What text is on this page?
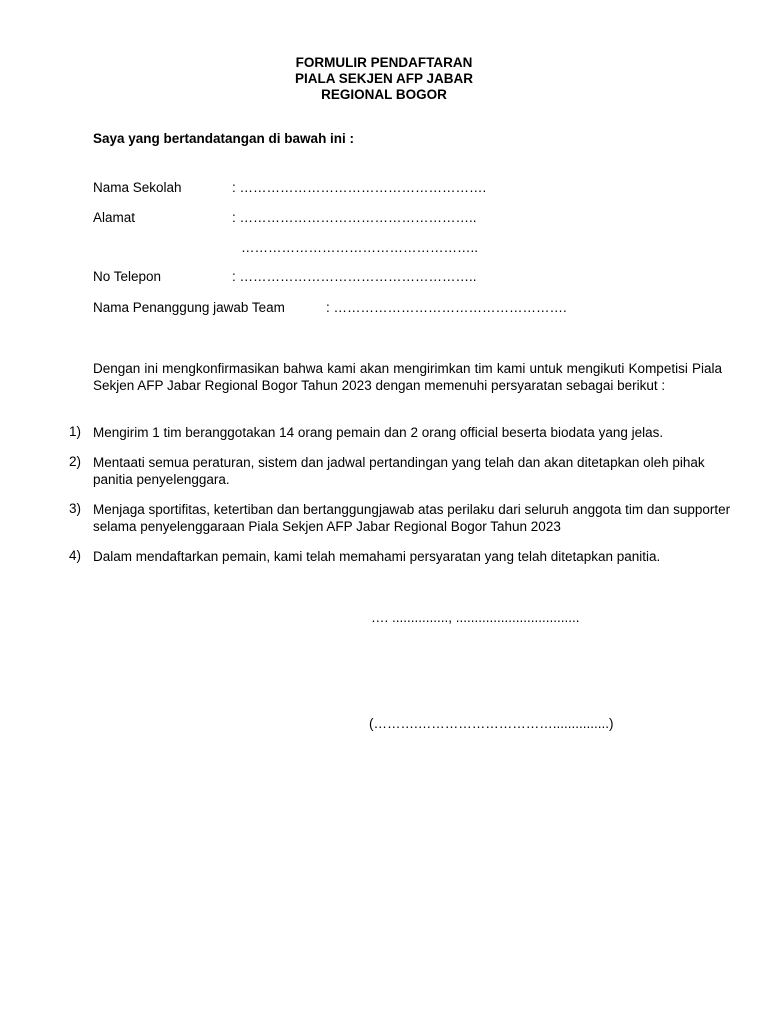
FORMULIR PENDAFTARAN
PIALA SEKJEN AFP JABAR
REGIONAL BOGOR
Saya yang bertandatangan di bawah ini :
Nama Sekolah	: ……………………………………………….
Alamat	: ……………………………………………..
……………………………………………..
No Telepon	: ……………………………………………..
Nama Penanggung jawab Team	: …………………………………………….
Dengan ini mengkonfirmasikan bahwa kami akan mengirimkan tim kami untuk mengikuti Kompetisi Piala Sekjen AFP Jabar Regional Bogor Tahun 2023 dengan memenuhi persyaratan sebagai berikut :
1) Mengirim 1 tim beranggotakan 14 orang pemain dan 2 orang official beserta biodata yang jelas.
2) Mentaati semua peraturan, sistem dan jadwal pertandingan yang telah dan akan ditetapkan oleh pihak panitia penyelenggara.
3) Menjaga sportifitas, ketertiban dan bertanggungjawab atas perilaku dari seluruh anggota tim dan supporter selama penyelenggaraan Piala Sekjen AFP Jabar Regional Bogor Tahun 2023
4) Dalam mendaftarkan pemain, kami telah memahami persyaratan yang telah ditetapkan panitia.
…. ..............., .................................
(……….…………………………...............)
